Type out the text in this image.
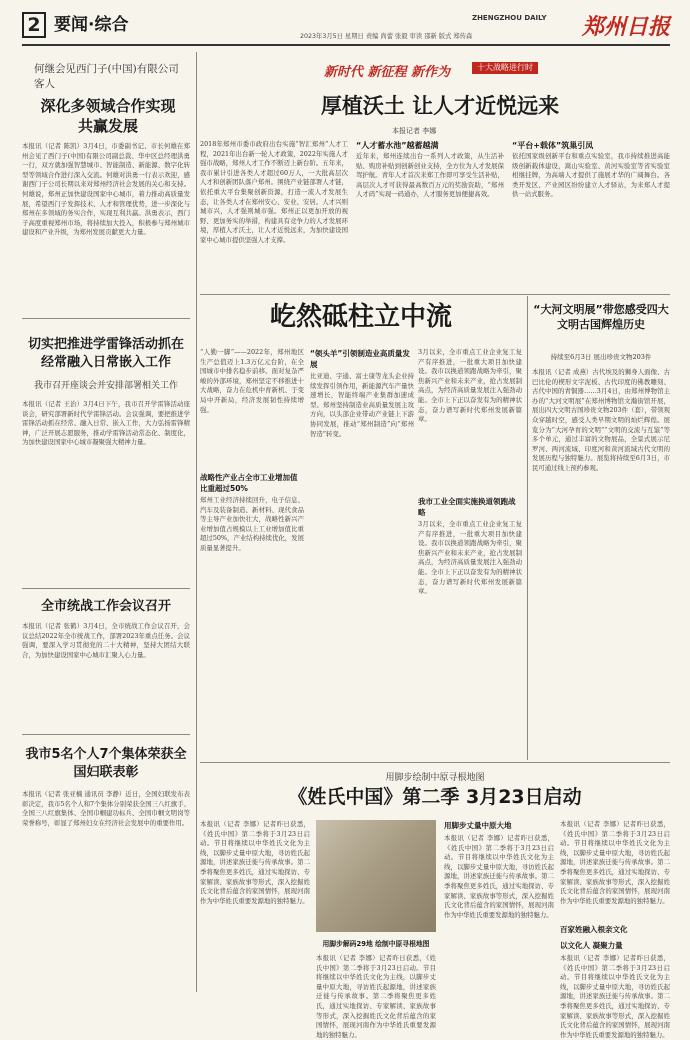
2 要闻·综合
2023年3月5日 星期日 责编 尚蕾 张毅 审读 邵新 版式 郑传森
ZHENGZHOU DAILY 郑州日报
何继会见西门子(中国)有限公司客人
深化多领域合作实现共赢发展
本报讯（记者 陈凯）3月4日，市委副书记、市长何雄在郑州会见了西门子(中国)有限公司副总裁、华中区总经理洪勇一行，双方就加强智慧城市、智能制造、新能源、数字化转型等领域合作进行深入交流。何雄对洪勇一行表示欢迎，感谢西门子公司长期以来对郑州经济社会发展的关心和支持。何雄说，郑州正加快建设国家中心城市，着力推动高质量发展，希望西门子发挥技术、人才和管理优势，进一步深化与郑州在多领域的务实合作，实现互利共赢。洪勇表示，西门子高度重视郑州市场，将持续加大投入，积极参与郑州城市建设和产业升级，为郑州发展贡献更大力量。
切实把推进学雷锋活动抓在经常融入日常嵌入工作
我市召开座谈会并安排部署相关工作
本报讯（记者 王治）3月4日下午，我市召开学雷锋活动座谈会，研究部署新时代学雷锋活动。会议强调，要把推进学雷锋活动抓在经常、融入日常、嵌入工作，大力弘扬雷锋精神，广泛开展志愿服务，推动学雷锋活动常态化、制度化，为加快建设国家中心城市凝聚强大精神力量。
全市统战工作会议召开
本报讯（记者 张鹤）3月4日，全市统战工作会议召开，会议总结2022年全市统战工作，部署2023年重点任务。会议强调，要深入学习贯彻党的二十大精神，坚持大团结大联合，为加快建设国家中心城市汇聚人心力量。
我市5名个人7个集体荣获全国妇联表彰
本报讯（记者 张亚楠 通讯员 李静）近日，全国妇联发布表彰决定，我市5名个人和7个集体分别荣获全国三八红旗手、全国三八红旗集体、全国巾帼建功标兵、全国巾帼文明岗等荣誉称号，彰显了郑州妇女在经济社会发展中的重要作用。
新时代 新征程 新作为	十大战略进行时
厚植沃土 让人才近悦远来
本报记者 李娜
2018年郑州市委市政府出台实施“智汇郑州”人才工程，2021年出台新一轮人才政策，2022年实施人才强市战略，郑州人才工作不断迈上新台阶。五年来，我市累计引进各类人才超过60万人，一大批高层次人才和创新团队落户郑州。围绕产业链部署人才链，依托重大平台集聚创新资源，打造一流人才发展生态，让各类人才在郑州安心、安业、安居。人才兴则城市兴，人才强则城市强。郑州正以更加开放的视野、更加务实的举措，构建具有竞争力的人才发展环境，厚植人才沃土，让人才近悦远来，为加快建设国家中心城市提供坚强人才支撑。
“人才蓄水池”越蓄越满
近年来，郑州连续出台一系列人才政策，从生活补贴、购房补贴到创新创业支持，全方位为人才发展保驾护航。青年人才首次来郑工作即可享受生活补贴，高层次人才可获得最高数百万元的奖励资助，“郑州人才码”实现一码通办，人才服务更加便捷高效。
“平台+载体”筑巢引凤
依托国家级创新平台和重点实验室，我市持续推进高能级创新载体建设，嵩山实验室、黄河实验室等省实验室相继挂牌，为高端人才提供了施展才华的广阔舞台。各类开发区、产业园区纷纷建立人才驿站，为来郑人才提供一站式服务。
屹然砥柱立中流
“人勤一脚”——2022年，郑州地区生产总值迈上1.3万亿元台阶，在全国城市中排名稳步前移。面对复杂严峻的外部环境，郑州坚定不移推进十大战略，奋力在危机中育新机、于变局中开新局，经济发展韧性持续增强。
战略性产业占全市工业增加值比重超过50%
郑州工业经济持续回升，电子信息、汽车及装备制造、新材料、现代食品等主导产业加快壮大，战略性新兴产业增加值占规模以上工业增加值比重超过50%，产业结构持续优化，发展质量显著提升。
“领头羊”引领制造业高质量发展
比亚迪、宇通、富士康等龙头企业持续发挥引领作用，新能源汽车产量快速增长，智能终端产业集群加速成型。郑州坚持制造业高质量发展主攻方向，以头部企业带动产业链上下游协同发展，推动“郑州制造”向“郑州智造”转变。
我市工业全面实施换道领跑战略
3月以来，全市重点工业企业复工复产有序推进，一批重大项目加快建设。我市以换道领跑战略为牵引，聚焦新兴产业和未来产业，抢占发展制高点，为经济高质量发展注入强劲动能。全市上下正以奋发有为的精神状态，奋力谱写新时代郑州发展新篇章。
3月以来，全市重点工业企业复工复产有序推进，一批重大项目加快建设。我市以换道领跑战略为牵引，聚焦新兴产业和未来产业，抢占发展制高点，为经济高质量发展注入强劲动能。全市上下正以奋发有为的精神状态，奋力谱写新时代郑州发展新篇章。
“大河文明展”带您感受四大文明古国辉煌历史
持续至6月3日 展出珍贵文物203件
本报讯（记者 成燕）古代埃及的狮身人面像、古巴比伦的楔形文字泥板、古代印度的佛教雕刻、古代中国的青铜器……3月4日，由郑州博物馆主办的“大河文明展”在郑州博物馆文瀚街馆开展，展出四大文明古国珍贵文物203件（套），带领观众穿越时空，感受人类早期文明的灿烂辉煌。展览分为“大河孕育的文明”“文明的交流与互鉴”等多个单元，通过丰富的文物展品，全景式展示尼罗河、两河流域、印度河和黄河流域古代文明的发展历程与独特魅力。展览将持续至6月3日，市民可通过线上预约参观。
用脚步绘制中原寻根地图
《姓氏中国》第二季 3月23日启动
本报讯（记者 李娜）记者昨日获悉，《姓氏中国》第二季将于3月23日启动。节目将继续以中华姓氏文化为主线，以脚步丈量中原大地，寻访姓氏起源地，讲述家族迁徙与传承故事。第二季将聚焦更多姓氏，通过实地探访、专家解读、家族故事等形式，深入挖掘姓氏文化背后蕴含的家国情怀，展现河南作为中华姓氏重要发源地的独特魅力。
用脚步解码29地 绘制中原寻根地图
本报讯（记者 李娜）记者昨日获悉，《姓氏中国》第二季将于3月23日启动。节目将继续以中华姓氏文化为主线，以脚步丈量中原大地，寻访姓氏起源地，讲述家族迁徙与传承故事。第二季将聚焦更多姓氏，通过实地探访、专家解读、家族故事等形式，深入挖掘姓氏文化背后蕴含的家国情怀，展现河南作为中华姓氏重要发源地的独特魅力。
用脚步丈量中原大地
本报讯（记者 李娜）记者昨日获悉，《姓氏中国》第二季将于3月23日启动。节目将继续以中华姓氏文化为主线，以脚步丈量中原大地，寻访姓氏起源地，讲述家族迁徙与传承故事。第二季将聚焦更多姓氏，通过实地探访、专家解读、家族故事等形式，深入挖掘姓氏文化背后蕴含的家国情怀，展现河南作为中华姓氏重要发源地的独特魅力。
百家姓融入根亲文化
本报讯（记者 李娜）记者昨日获悉，《姓氏中国》第二季将于3月23日启动。节目将继续以中华姓氏文化为主线，以脚步丈量中原大地，寻访姓氏起源地，讲述家族迁徙与传承故事。第二季将聚焦更多姓氏，通过实地探访、专家解读、家族故事等形式，深入挖掘姓氏文化背后蕴含的家国情怀，展现河南作为中华姓氏重要发源地的独特魅力。
以文化人 凝聚力量
本报讯（记者 李娜）记者昨日获悉，《姓氏中国》第二季将于3月23日启动。节目将继续以中华姓氏文化为主线，以脚步丈量中原大地，寻访姓氏起源地，讲述家族迁徙与传承故事。第二季将聚焦更多姓氏，通过实地探访、专家解读、家族故事等形式，深入挖掘姓氏文化背后蕴含的家国情怀，展现河南作为中华姓氏重要发源地的独特魅力。
